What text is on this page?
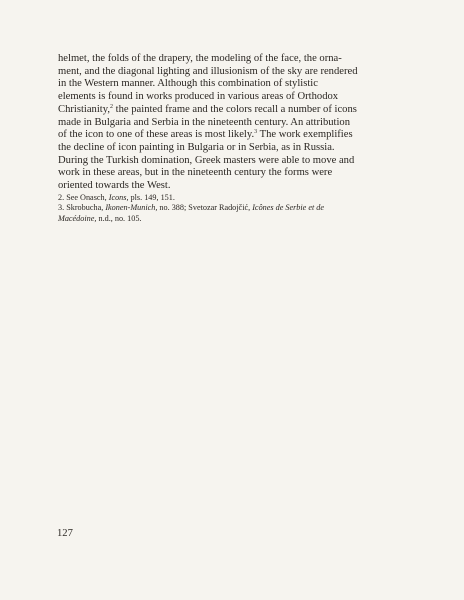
helmet, the folds of the drapery, the modeling of the face, the orna-
ment, and the diagonal lighting and illusionism of the sky are rendered
in the Western manner. Although this combination of stylistic
elements is found in works produced in various areas of Orthodox
Christianity,$^2$ the painted frame and the colors recall a number of icons
made in Bulgaria and Serbia in the nineteenth century. An attribution
of the icon to one of these areas is most likely.$^3$ The work exemplifies
the decline of icon painting in Bulgaria or in Serbia, as in Russia.
During the Turkish domination, Greek masters were able to move and
work in these areas, but in the nineteenth century the forms were
oriented towards the West.
2. See Onasch, Icons, pls. 149, 151.
3. Skrobucha, Ikonen-Munich, no. 388; Svetozar Radojčić, Icônes de Serbie et de
Macédoine, n.d., no. 105.
127
